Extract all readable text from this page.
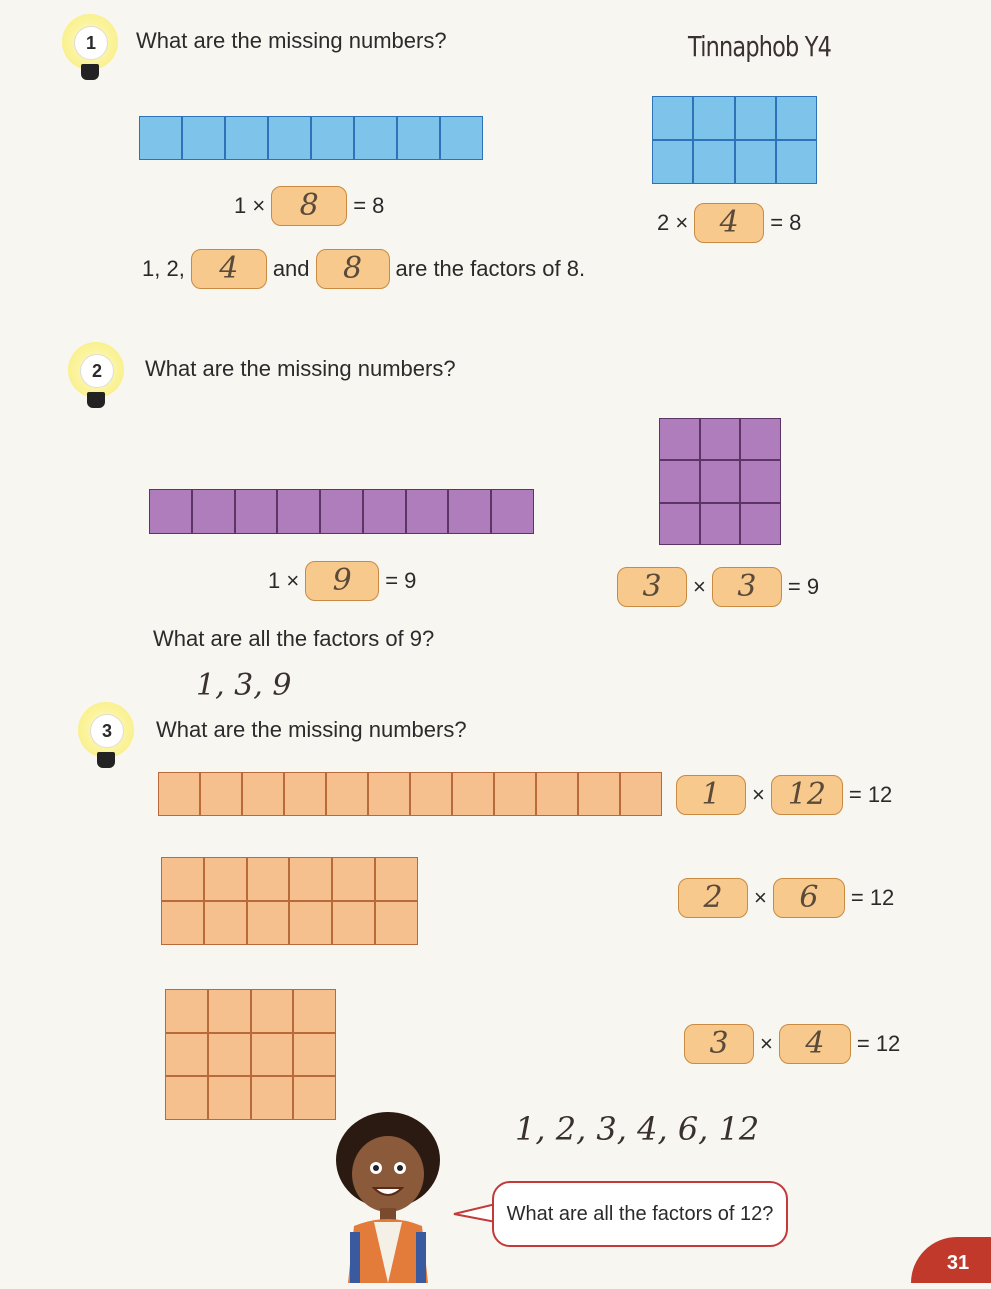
Tinnaphob Y4
1	What are the missing numbers?
1 ×	8	= 8
2 ×	4	= 8
1, 2,	4	and	8	are the factors of 8.
2	What are the missing numbers?
1 ×	9	= 9	3	×	3	= 9
What are all the factors of 9?
1, 3, 9
3	What are the missing numbers?
1	× 12	= 12
2	×	6	= 12
3	×	4	= 12
1, 2, 3, 4, 6, 12
What are all the factors of 12?
31
